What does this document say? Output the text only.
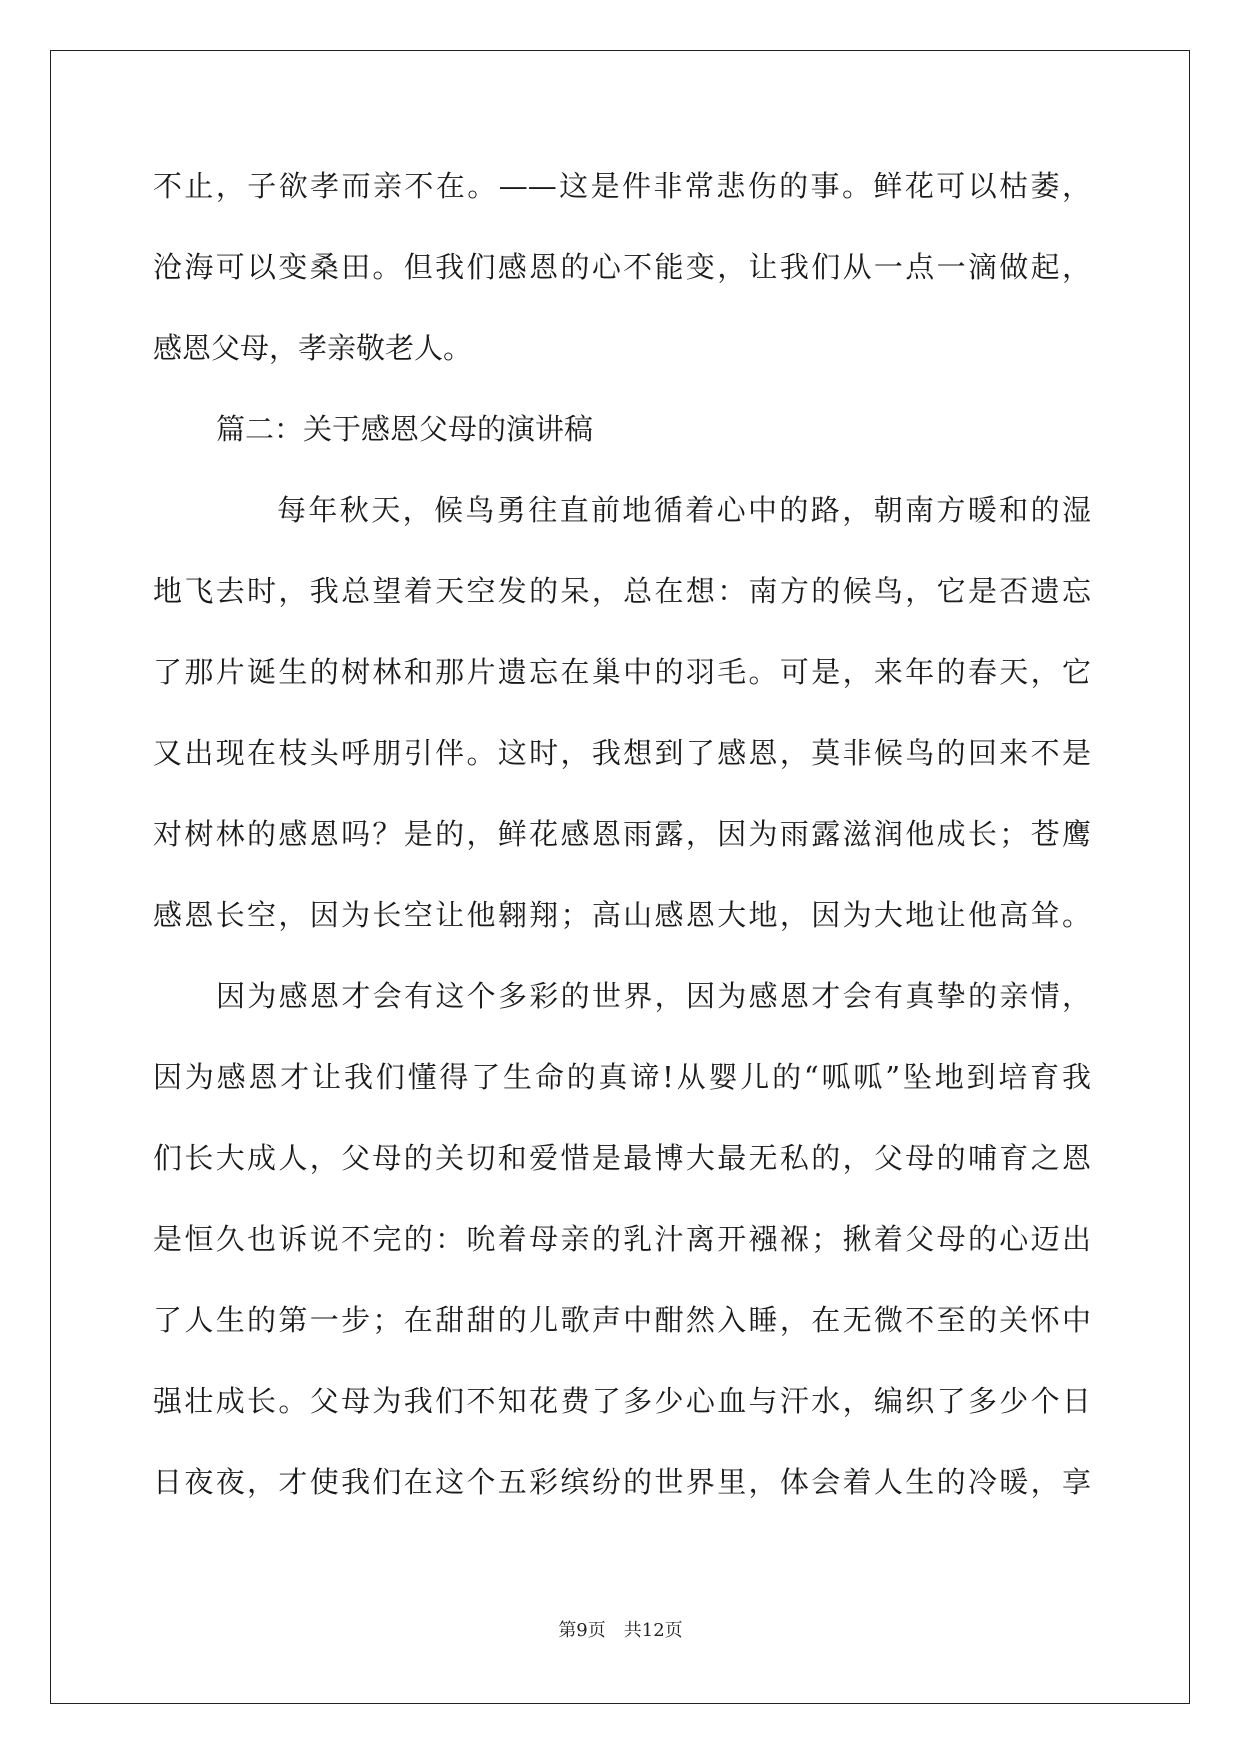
不止，子欲孝而亲不在。——这是件非常悲伤的事。鲜花可以枯萎，
沧海可以变桑田。但我们感恩的心不能变，让我们从一点一滴做起，
感恩父母，孝亲敬老人。
篇二：关于感恩父母的演讲稿
每年秋天，候鸟勇往直前地循着心中的路，朝南方暖和的湿
地飞去时，我总望着天空发的呆，总在想：南方的候鸟，它是否遗忘
了那片诞生的树林和那片遗忘在巢中的羽毛。可是，来年的春天，它
又出现在枝头呼朋引伴。这时，我想到了感恩，莫非候鸟的回来不是
对树林的感恩吗？是的，鲜花感恩雨露，因为雨露滋润他成长；苍鹰
感恩长空，因为长空让他翱翔；高山感恩大地，因为大地让他高耸。
因为感恩才会有这个多彩的世界，因为感恩才会有真挚的亲情，
因为感恩才让我们懂得了生命的真谛!从婴儿的“呱呱”坠地到培育我
们长大成人，父母的关切和爱惜是最博大最无私的，父母的哺育之恩
是恒久也诉说不完的：吮着母亲的乳汁离开襁褓；揪着父母的心迈出
了人生的第一步；在甜甜的儿歌声中酣然入睡，在无微不至的关怀中
强壮成长。父母为我们不知花费了多少心血与汗水，编织了多少个日
日夜夜，才使我们在这个五彩缤纷的世界里，体会着人生的冷暖，享
第9页　共12页
